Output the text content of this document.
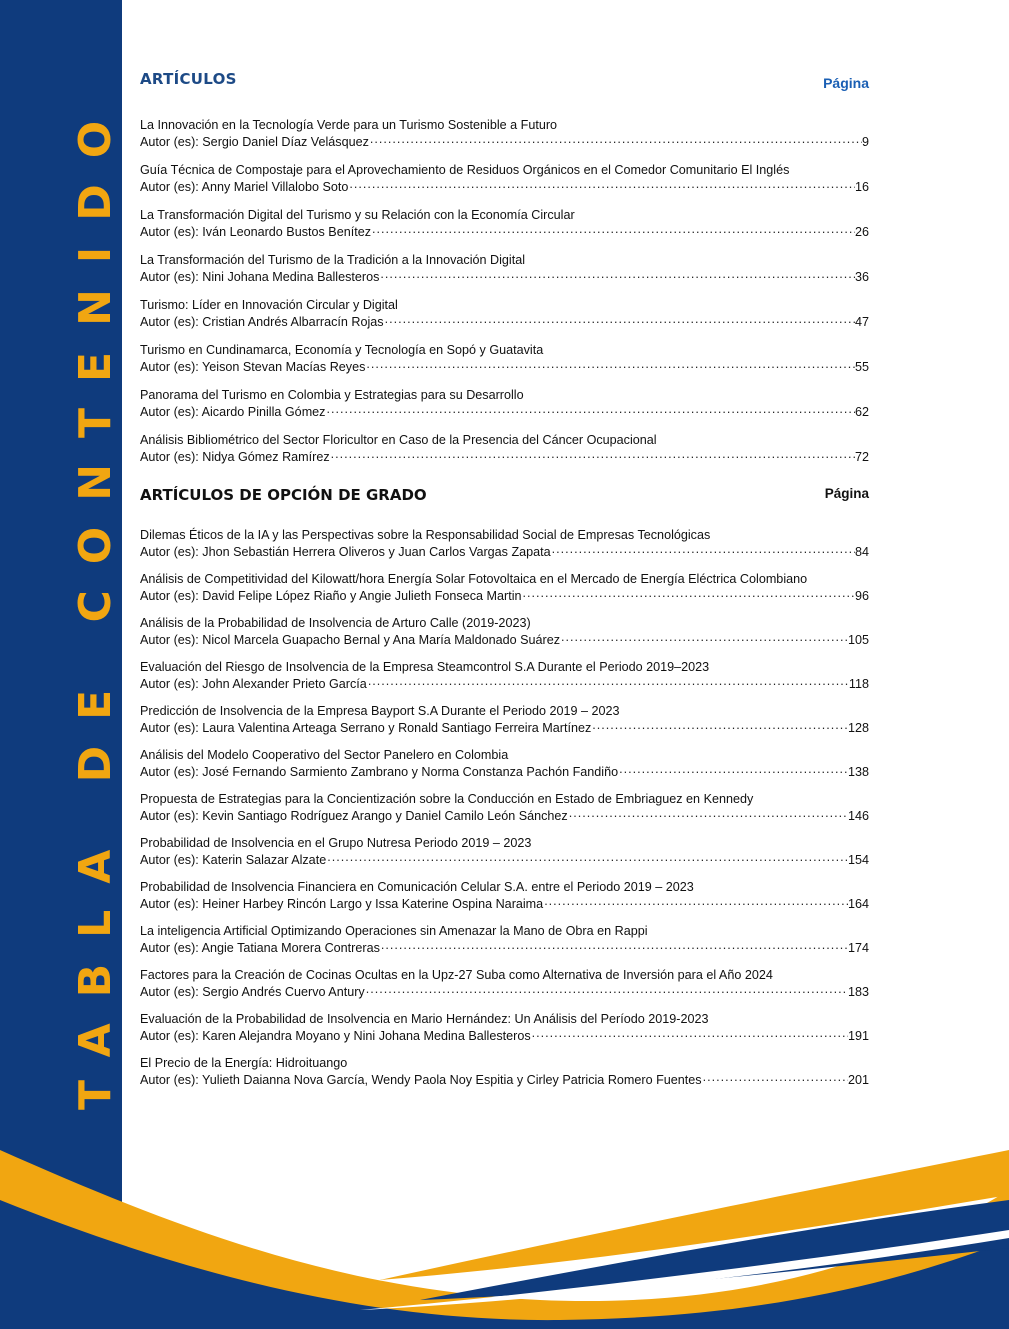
TABLA DE CONTENIDO
ARTÍCULOS	Página
La Innovación en la Tecnología Verde para un Turismo Sostenible a Futuro
Autor (es): Sergio Daniel Díaz Velásquez .....	9
Guía Técnica de Compostaje para el Aprovechamiento de Residuos Orgánicos en el Comedor Comunitario El Inglés
Autor (es): Anny Mariel Villalobo Soto .....	16
La Transformación Digital del Turismo y su Relación con la Economía Circular
Autor (es): Iván Leonardo Bustos Benítez .....	26
La Transformación del Turismo de la Tradición a la Innovación Digital
Autor (es): Nini Johana Medina Ballesteros .....	36
Turismo: Líder en Innovación Circular y Digital
Autor (es): Cristian Andrés Albarracín Rojas .....	47
Turismo en Cundinamarca, Economía y Tecnología en Sopó y Guatavita
Autor (es): Yeison Stevan Macías Reyes .....	55
Panorama del Turismo en Colombia y Estrategias para su Desarrollo
Autor (es): Aicardo Pinilla Gómez .....	62
Análisis Bibliométrico del Sector Floricultor en Caso de la Presencia del Cáncer Ocupacional
Autor (es): Nidya Gómez Ramírez .....	72
ARTÍCULOS DE OPCIÓN DE GRADO	Página
Dilemas Éticos de la IA y las Perspectivas sobre la Responsabilidad Social de Empresas Tecnológicas
Autor (es): Jhon Sebastián Herrera Oliveros y Juan Carlos Vargas Zapata .....	84
Análisis de Competitividad del Kilowatt/hora Energía Solar Fotovoltaica en el Mercado de Energía Eléctrica Colombiano
Autor (es): David Felipe López Riaño y Angie Julieth Fonseca Martin .....	96
Análisis de la Probabilidad de Insolvencia de Arturo Calle (2019-2023)
Autor (es): Nicol Marcela Guapacho Bernal y Ana María Maldonado Suárez .....	105
Evaluación del Riesgo de Insolvencia de la Empresa Steamcontrol S.A Durante el Periodo 2019–2023
Autor (es): John Alexander Prieto García .....	118
Predicción de Insolvencia de la Empresa Bayport S.A Durante el Periodo 2019 – 2023
Autor (es): Laura Valentina Arteaga Serrano y Ronald Santiago Ferreira Martínez .....	128
Análisis del Modelo Cooperativo del Sector Panelero en Colombia
Autor (es): José Fernando Sarmiento Zambrano y Norma Constanza Pachón Fandiño .....	138
Propuesta de Estrategias para la Concientización sobre la Conducción en Estado de Embriaguez en Kennedy
Autor (es): Kevin Santiago Rodríguez Arango y Daniel Camilo León Sánchez .....	146
Probabilidad de Insolvencia en el Grupo Nutresa Periodo 2019 – 2023
Autor (es): Katerin Salazar Alzate .....	154
Probabilidad de Insolvencia Financiera en Comunicación Celular S.A. entre el Periodo 2019 – 2023
Autor (es): Heiner Harbey Rincón Largo y Issa Katerine Ospina Naraima .....	164
La inteligencia Artificial Optimizando Operaciones sin Amenazar la Mano de Obra en Rappi
Autor (es): Angie Tatiana Morera Contreras .....	174
Factores para la Creación de Cocinas Ocultas en la Upz-27 Suba como Alternativa de Inversión para el Año 2024
Autor (es): Sergio Andrés Cuervo Antury .....	183
Evaluación de la Probabilidad de Insolvencia en Mario Hernández: Un Análisis del Período 2019-2023
Autor (es): Karen Alejandra Moyano y Nini Johana Medina Ballesteros .....	191
El Precio de la Energía: Hidroituango
Autor (es): Yulieth Daianna Nova García, Wendy Paola Noy Espitia y Cirley Patricia Romero Fuentes .....	201
